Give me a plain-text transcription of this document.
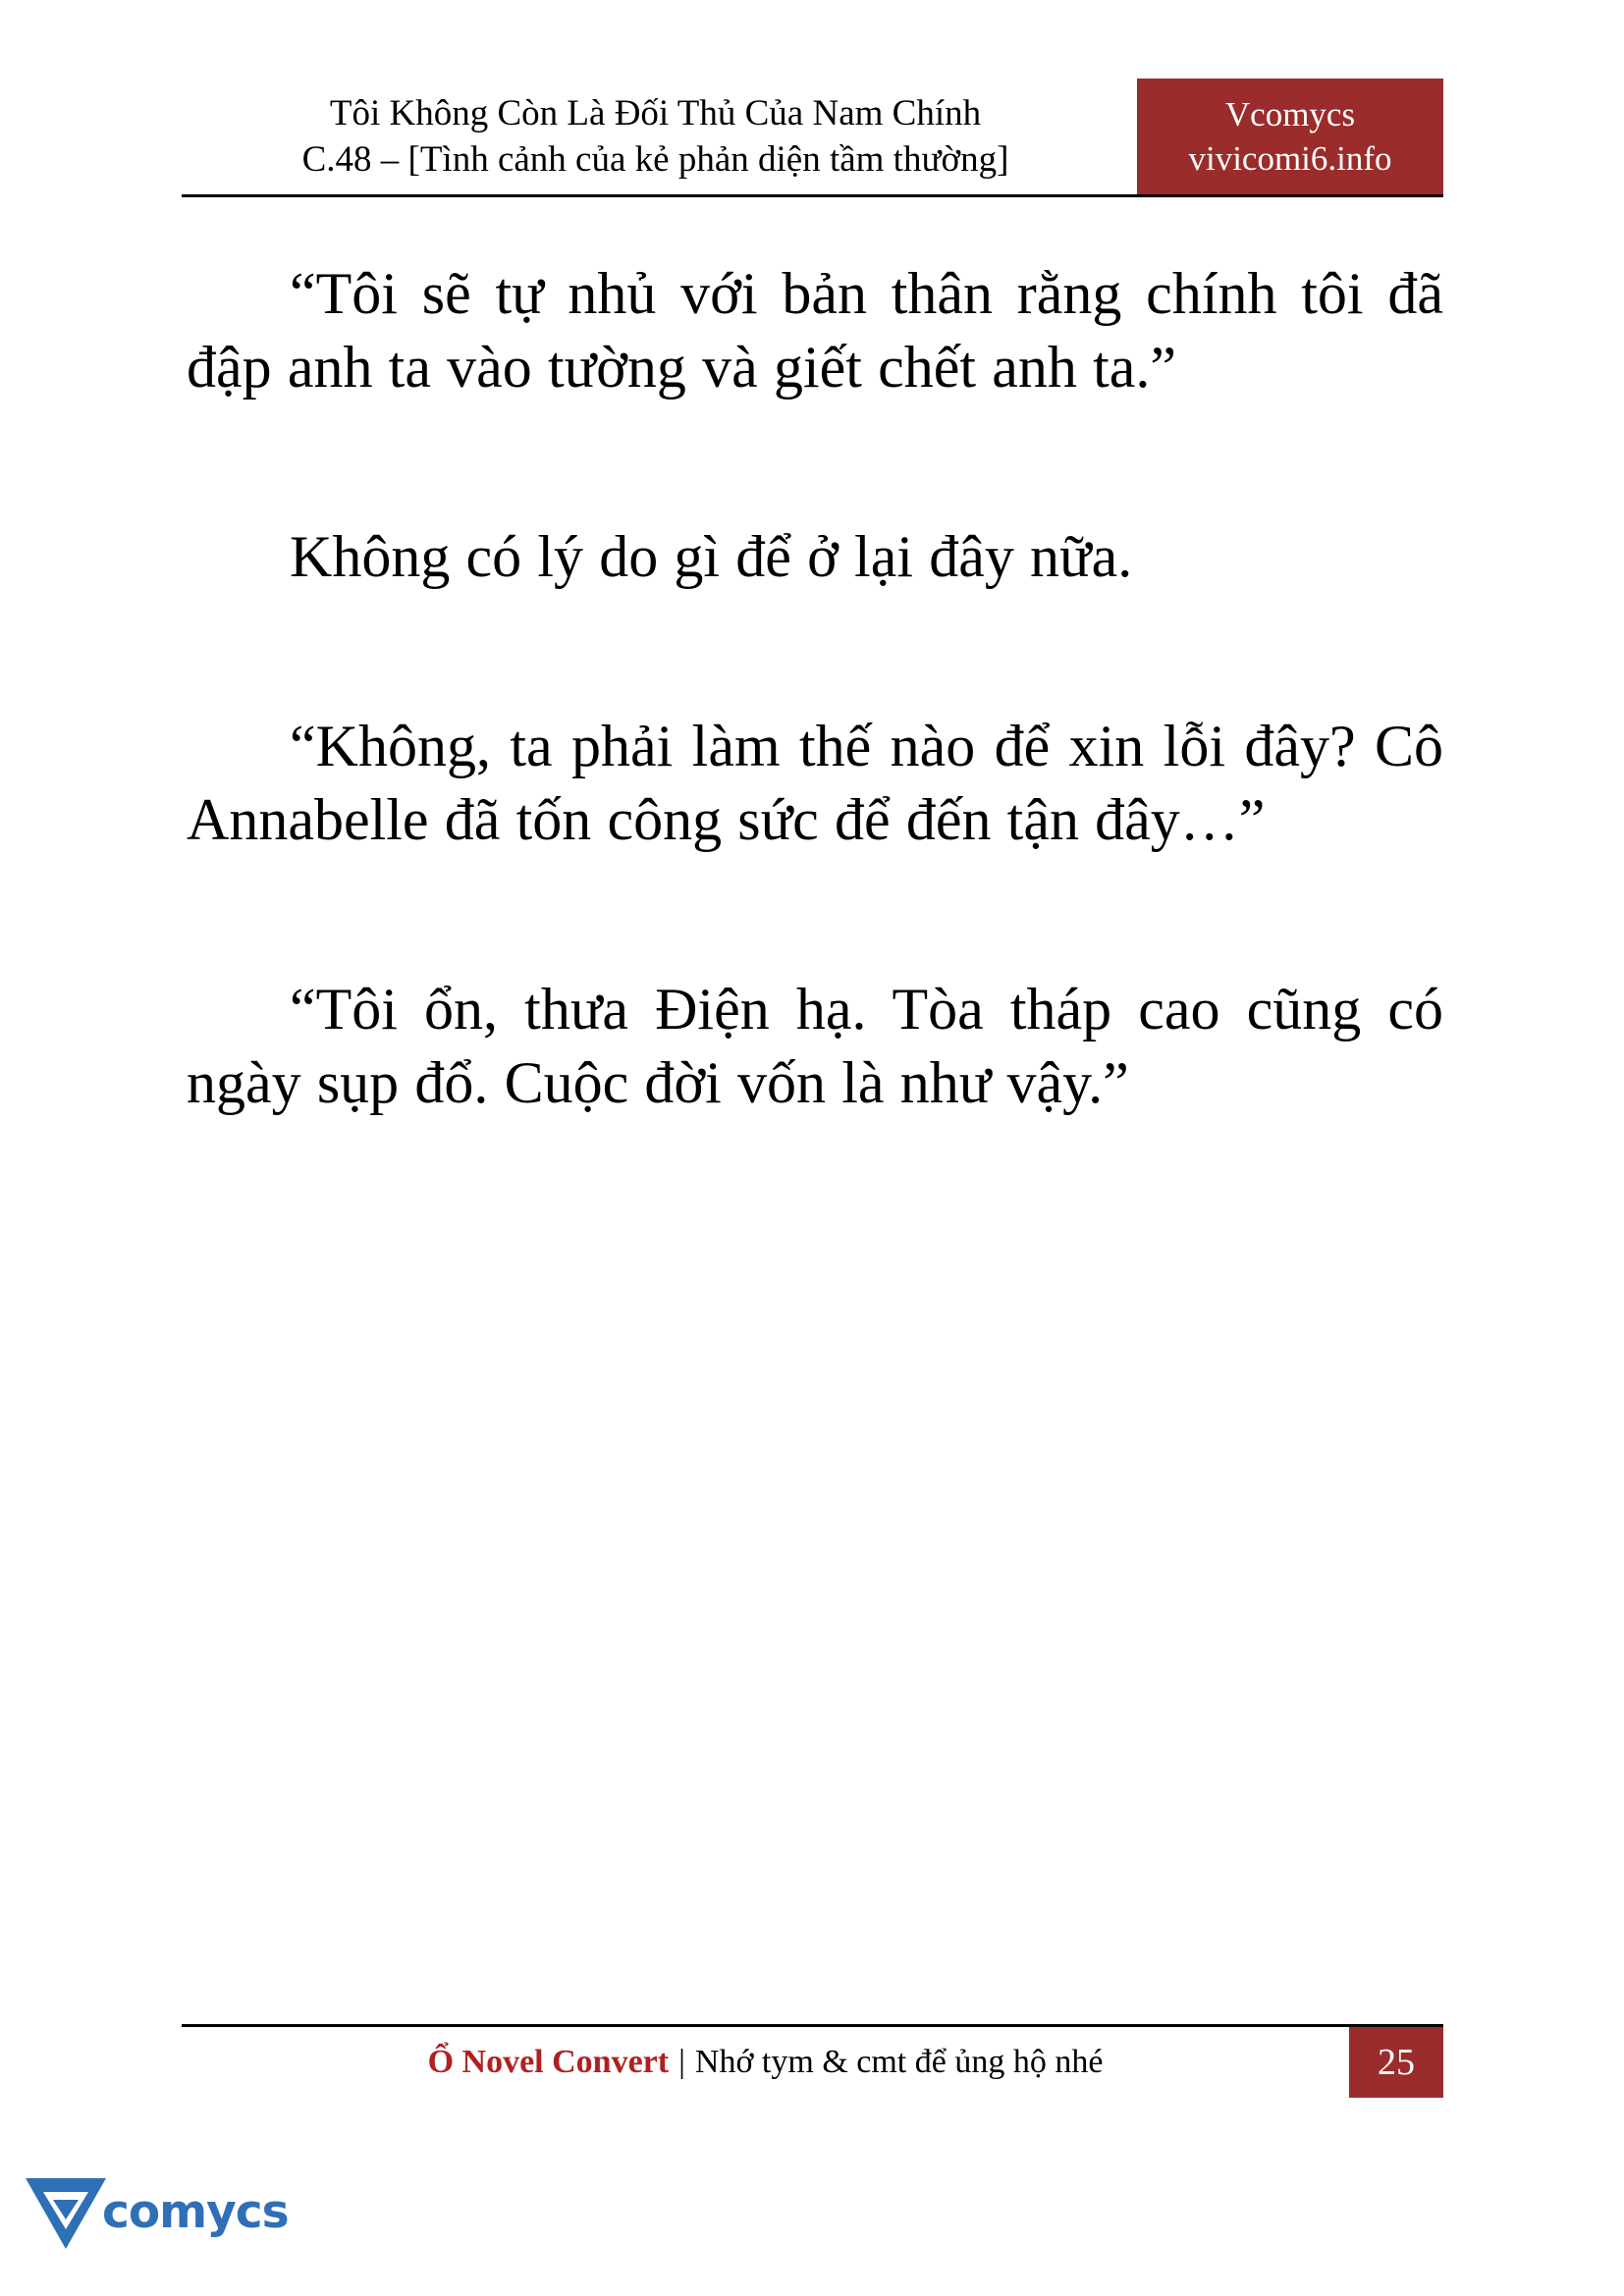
Tôi Không Còn Là Đối Thủ Của Nam Chính
C.48 – [Tình cảnh của kẻ phản diện tầm thường]
Vcomycs
vivicomi6.info

“Tôi sẽ tự nhủ với bản thân rằng chính tôi đã đập anh ta vào tường và giết chết anh ta.”

Không có lý do gì để ở lại đây nữa.

“Không, ta phải làm thế nào để xin lỗi đây? Cô Annabelle đã tốn công sức để đến tận đây…”

“Tôi ổn, thưa Điện hạ. Tòa tháp cao cũng có ngày sụp đổ. Cuộc đời vốn là như vậy.”

Ổ Novel Convert | Nhớ tym & cmt để ủng hộ nhé	25
comycs
